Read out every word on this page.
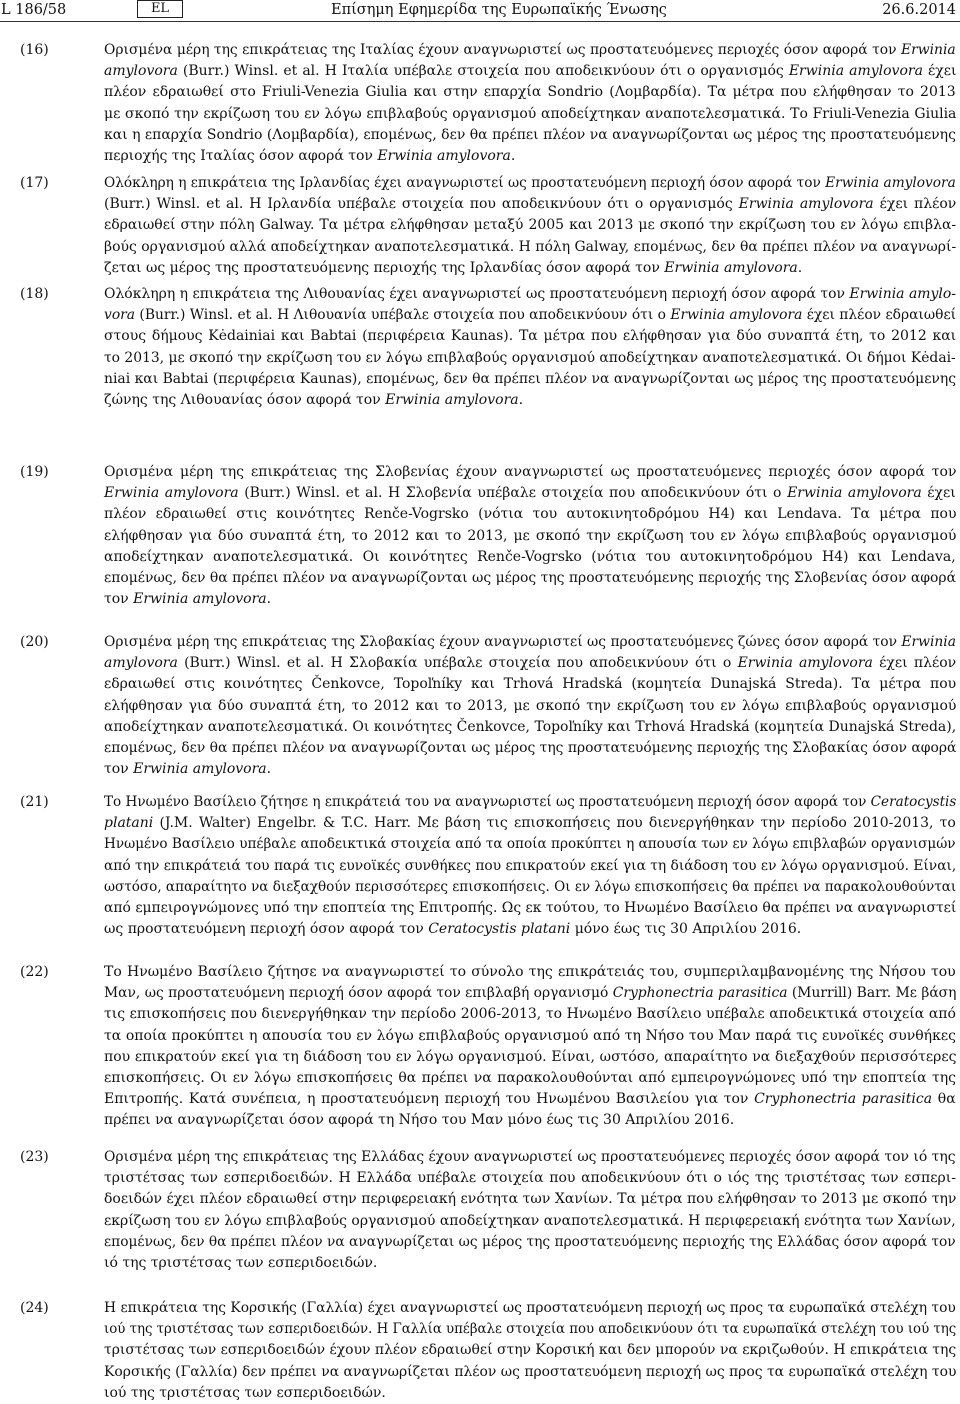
L 186/58	EL	Επίσημη Εφημερίδα της Ευρωπαϊκής Ένωσης	26.6.2014
(16)	Ορισμένα μέρη της επικράτειας της Ιταλίας έχουν αναγνωριστεί ως προστατευόμενες περιοχές όσον αφορά τον Erwinia
amylovora (Burr.) Winsl. et al. Η Ιταλία υπέβαλε στοιχεία που αποδεικνύουν ότι ο οργανισμός Erwinia amylovora έχει
πλέον εδραιωθεί στο Friuli-Venezia Giulia και στην επαρχία Sondrio (Λομβαρδία). Τα μέτρα που ελήφθησαν το 2013
με σκοπό την εκρίζωση του εν λόγω επιβλαβούς οργανισμού αποδείχτηκαν αναποτελεσματικά. Το Friuli-Venezia Giulia
και η επαρχία Sondrio (Λομβαρδία), επομένως, δεν θα πρέπει πλέον να αναγνωρίζονται ως μέρος της προστατευόμενης
περιοχής της Ιταλίας όσον αφορά τον Erwinia amylovora.
(17)	Ολόκληρη η επικράτεια της Ιρλανδίας έχει αναγνωριστεί ως προστατευόμενη περιοχή όσον αφορά τον Erwinia amylovora
(Burr.) Winsl. et al. Η Ιρλανδία υπέβαλε στοιχεία που αποδεικνύουν ότι ο οργανισμός Erwinia amylovora έχει πλέον
εδραιωθεί στην πόλη Galway. Τα μέτρα ελήφθησαν μεταξύ 2005 και 2013 με σκοπό την εκρίζωση του εν λόγω επιβλα-
βούς οργανισμού αλλά αποδείχτηκαν αναποτελεσματικά. Η πόλη Galway, επομένως, δεν θα πρέπει πλέον να αναγνωρί-
ζεται ως μέρος της προστατευόμενης περιοχής της Ιρλανδίας όσον αφορά τον Erwinia amylovora.
(18)	Ολόκληρη η επικράτεια της Λιθουανίας έχει αναγνωριστεί ως προστατευόμενη περιοχή όσον αφορά τον Erwinia amylo-
vora (Burr.) Winsl. et al. Η Λιθουανία υπέβαλε στοιχεία που αποδεικνύουν ότι ο Erwinia amylovora έχει πλέον εδραιωθεί
στους δήμους Kėdainiai και Babtai (περιφέρεια Kaunas). Τα μέτρα που ελήφθησαν για δύο συναπτά έτη, το 2012 και
το 2013, με σκοπό την εκρίζωση του εν λόγω επιβλαβούς οργανισμού αποδείχτηκαν αναποτελεσματικά. Οι δήμοι Kėdai-
niai και Babtai (περιφέρεια Kaunas), επομένως, δεν θα πρέπει πλέον να αναγνωρίζονται ως μέρος της προστατευόμενης
ζώνης της Λιθουανίας όσον αφορά τον Erwinia amylovora.
(19)	Ορισμένα μέρη της επικράτειας της Σλοβενίας έχουν αναγνωριστεί ως προστατευόμενες περιοχές όσον αφορά τον
Erwinia amylovora (Burr.) Winsl. et al. Η Σλοβενία υπέβαλε στοιχεία που αποδεικνύουν ότι ο Erwinia amylovora έχει
πλέον εδραιωθεί στις κοινότητες Renče-Vogrsko (νότια του αυτοκινητοδρόμου H4) και Lendava. Τα μέτρα που
ελήφθησαν για δύο συναπτά έτη, το 2012 και το 2013, με σκοπό την εκρίζωση του εν λόγω επιβλαβούς οργανισμού
αποδείχτηκαν αναποτελεσματικά. Οι κοινότητες Renče-Vogrsko (νότια του αυτοκινητοδρόμου H4) και Lendava,
επομένως, δεν θα πρέπει πλέον να αναγνωρίζονται ως μέρος της προστατευόμενης περιοχής της Σλοβενίας όσον αφορά
τον Erwinia amylovora.
(20)	Ορισμένα μέρη της επικράτειας της Σλοβακίας έχουν αναγνωριστεί ως προστατευόμενες ζώνες όσον αφορά τον Erwinia
amylovora (Burr.) Winsl. et al. Η Σλοβακία υπέβαλε στοιχεία που αποδεικνύουν ότι ο Erwinia amylovora έχει πλέον
εδραιωθεί στις κοινότητες Čenkovce, Topoľníky και Trhová Hradská (κομητεία Dunajská Streda). Τα μέτρα που
ελήφθησαν για δύο συναπτά έτη, το 2012 και το 2013, με σκοπό την εκρίζωση του εν λόγω επιβλαβούς οργανισμού
αποδείχτηκαν αναποτελεσματικά. Οι κοινότητες Čenkovce, Topoľníky και Trhová Hradská (κομητεία Dunajská Streda),
επομένως, δεν θα πρέπει πλέον να αναγνωρίζονται ως μέρος της προστατευόμενης περιοχής της Σλοβακίας όσον αφορά
τον Erwinia amylovora.
(21)	Το Ηνωμένο Βασίλειο ζήτησε η επικράτειά του να αναγνωριστεί ως προστατευόμενη περιοχή όσον αφορά τον Ceratocystis
platani (J.M. Walter) Engelbr. & T.C. Harr. Με βάση τις επισκοπήσεις που διενεργήθηκαν την περίοδο 2010-2013, το
Ηνωμένο Βασίλειο υπέβαλε αποδεικτικά στοιχεία από τα οποία προκύπτει η απουσία των εν λόγω επιβλαβών οργανισμών
από την επικράτειά του παρά τις ευνοϊκές συνθήκες που επικρατούν εκεί για τη διάδοση του εν λόγω οργανισμού. Είναι,
ωστόσο, απαραίτητο να διεξαχθούν περισσότερες επισκοπήσεις. Οι εν λόγω επισκοπήσεις θα πρέπει να παρακολουθούνται
από εμπειρογνώμονες υπό την εποπτεία της Επιτροπής. Ως εκ τούτου, το Ηνωμένο Βασίλειο θα πρέπει να αναγνωριστεί
ως προστατευόμενη περιοχή όσον αφορά τον Ceratocystis platani μόνο έως τις 30 Απριλίου 2016.
(22)	Το Ηνωμένο Βασίλειο ζήτησε να αναγνωριστεί το σύνολο της επικράτειάς του, συμπεριλαμβανομένης της Νήσου του
Μαν, ως προστατευόμενη περιοχή όσον αφορά τον επιβλαβή οργανισμό Cryphonectria parasitica (Murrill) Barr. Με βάση
τις επισκοπήσεις που διενεργήθηκαν την περίοδο 2006-2013, το Ηνωμένο Βασίλειο υπέβαλε αποδεικτικά στοιχεία από
τα οποία προκύπτει η απουσία του εν λόγω επιβλαβούς οργανισμού από τη Νήσο του Μαν παρά τις ευνοϊκές συνθήκες
που επικρατούν εκεί για τη διάδοση του εν λόγω οργανισμού. Είναι, ωστόσο, απαραίτητο να διεξαχθούν περισσότερες
επισκοπήσεις. Οι εν λόγω επισκοπήσεις θα πρέπει να παρακολουθούνται από εμπειρογνώμονες υπό την εποπτεία της
Επιτροπής. Κατά συνέπεια, η προστατευόμενη περιοχή του Ηνωμένου Βασιλείου για τον Cryphonectria parasitica θα
πρέπει να αναγνωρίζεται όσον αφορά τη Νήσο του Μαν μόνο έως τις 30 Απριλίου 2016.
(23)	Ορισμένα μέρη της επικράτειας της Ελλάδας έχουν αναγνωριστεί ως προστατευόμενες περιοχές όσον αφορά τον ιό της
τριστέτσας των εσπεριδοειδών. Η Ελλάδα υπέβαλε στοιχεία που αποδεικνύουν ότι ο ιός της τριστέτσας των εσπερι-
δοειδών έχει πλέον εδραιωθεί στην περιφερειακή ενότητα των Χανίων. Τα μέτρα που ελήφθησαν το 2013 με σκοπό την
εκρίζωση του εν λόγω επιβλαβούς οργανισμού αποδείχτηκαν αναποτελεσματικά. Η περιφερειακή ενότητα των Χανίων,
επομένως, δεν θα πρέπει πλέον να αναγνωρίζεται ως μέρος της προστατευόμενης περιοχής της Ελλάδας όσον αφορά τον
ιό της τριστέτσας των εσπεριδοειδών.
(24)	Η επικράτεια της Κορσικής (Γαλλία) έχει αναγνωριστεί ως προστατευόμενη περιοχή ως προς τα ευρωπαϊκά στελέχη του
ιού της τριστέτσας των εσπεριδοειδών. Η Γαλλία υπέβαλε στοιχεία που αποδεικνύουν ότι τα ευρωπαϊκά στελέχη του ιού της
τριστέτσας των εσπεριδοειδών έχουν πλέον εδραιωθεί στην Κορσική και δεν μπορούν να εκριζωθούν. Η επικράτεια της
Κορσικής (Γαλλία) δεν πρέπει να αναγνωρίζεται πλέον ως προστατευόμενη περιοχή ως προς τα ευρωπαϊκά στελέχη του
ιού της τριστέτσας των εσπεριδοειδών.
